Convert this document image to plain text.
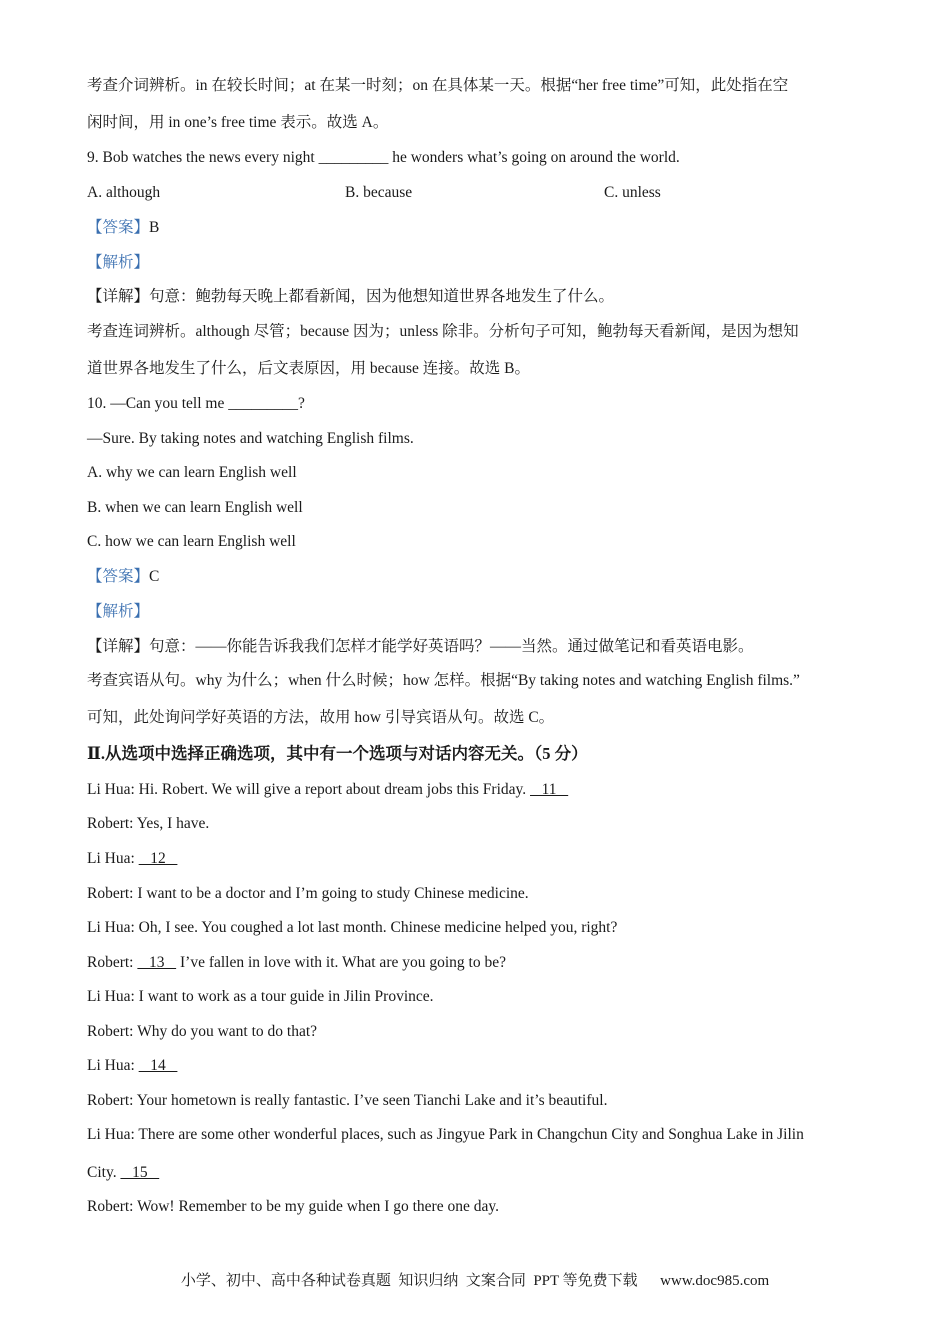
考查介词辨析。in 在较长时间；at 在某一时刻；on 在具体某一天。根据“her free time”可知，此处指在空
闲时间，用 in one’s free time 表示。故选 A。
9. Bob watches the news every night _________ he wonders what’s going on around the world.
A. although	B. because	C. unless
【答案】B
【解析】
【详解】句意：鲍勃每天晚上都看新闻，因为他想知道世界各地发生了什么。
考查连词辨析。although 尽管；because 因为；unless 除非。分析句子可知，鲍勃每天看新闻，是因为想知
道世界各地发生了什么，后文表原因，用 because 连接。故选 B。
10. —Can you tell me _________?
—Sure. By taking notes and watching English films.
A. why we can learn English well
B. when we can learn English well
C. how we can learn English well
【答案】C
【解析】
【详解】句意：——你能告诉我我们怎样才能学好英语吗？——当然。通过做笔记和看英语电影。
考查宾语从句。why 为什么；when 什么时候；how 怎样。根据“By taking notes and watching English films.”
可知，此处询问学好英语的方法，故用 how 引导宾语从句。故选 C。
Ⅱ.从选项中选择正确选项，其中有一个选项与对话内容无关。（5 分）
Li Hua: Hi. Robert. We will give a report about dream jobs this Friday.    11
Robert: Yes, I have.
Li Hua:    12
Robert: I want to be a doctor and I’m going to study Chinese medicine.
Li Hua: Oh, I see. You coughed a lot last month. Chinese medicine helped you, right?
Robert:    13    I’ve fallen in love with it. What are you going to be?
Li Hua: I want to work as a tour guide in Jilin Province.
Robert: Why do you want to do that?
Li Hua:    14
Robert: Your hometown is really fantastic. I’ve seen Tianchi Lake and it’s beautiful.
Li Hua: There are some other wonderful places, such as Jingyue Park in Changchun City and Songhua Lake in Jilin
City.    15
Robert: Wow! Remember to be my guide when I go there one day.
小学、初中、高中各种试卷真题  知识归纳  文案合同  PPT 等免费下载      www.doc985.com
